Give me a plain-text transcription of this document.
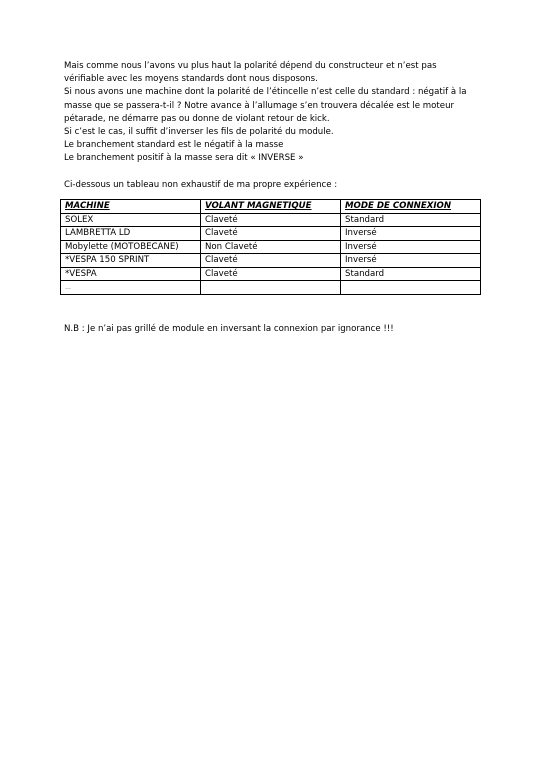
Mais comme nous l’avons vu plus haut la polarité dépend du constructeur et n’est pas
vérifiable avec les moyens standards dont nous disposons.
Si nous avons une machine dont la polarité de l’étincelle n’est celle du standard : négatif à la
masse que se passera-t-il ? Notre avance à l’allumage s’en trouvera décalée est le moteur
pétarade, ne démarre pas ou donne de violant retour de kick.
Si c’est le cas, il suffit d’inverser les fils de polarité du module.
Le branchement standard est le négatif à la masse
Le branchement positif à la masse sera dit « INVERSE »
Ci-dessous un tableau non exhaustif de ma propre expérience :
MACHINE	VOLANT MAGNETIQUE	MODE DE CONNEXION
SOLEX	Claveté	Standard
LAMBRETTA LD	Claveté	Inversé
Mobylette (MOTOBECANE)	Non Claveté	Inversé
*VESPA 150 SPRINT	Claveté	Inversé
*VESPA	Claveté	Standard
…		
N.B : Je n’ai pas grillé de module en inversant la connexion par ignorance !!!
